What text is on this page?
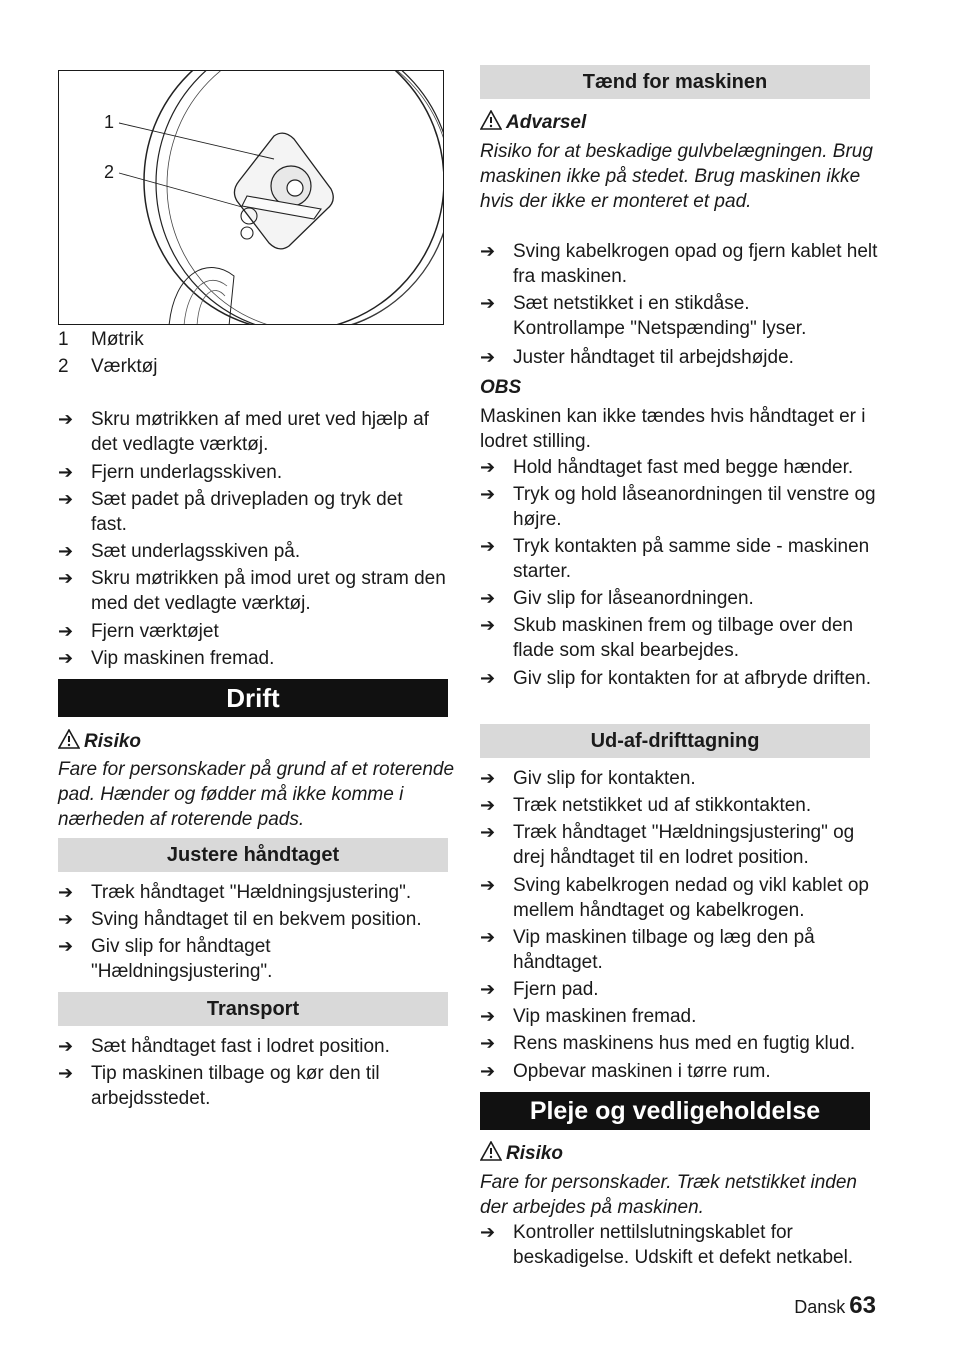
1
2
1 Møtrik
2 Værktøj
➔ Skru møtrikken af med uret ved hjælp af det vedlagte værktøj.
➔ Fjern underlagsskiven.
➔ Sæt padet på drivepladen og tryk det fast.
➔ Sæt underlagsskiven på.
➔ Skru møtrikken på imod uret og stram den med det vedlagte værktøj.
➔ Fjern værktøjet
➔ Vip maskinen fremad.
Drift
Risiko
Fare for personskader på grund af et roterende pad. Hænder og fødder må ikke komme i nærheden af roterende pads.
Justere håndtaget
➔ Træk håndtaget "Hældningsjustering".
➔ Sving håndtaget til en bekvem position.
➔ Giv slip for håndtaget "Hældningsjustering".
Transport
➔ Sæt håndtaget fast i lodret position.
➔ Tip maskinen tilbage og kør den til arbejdsstedet.
Tænd for maskinen
Advarsel
Risiko for at beskadige gulvbelægningen. Brug maskinen ikke på stedet. Brug maskinen ikke hvis der ikke er monteret et pad.
➔ Sving kabelkrogen opad og fjern kablet helt fra maskinen.
➔ Sæt netstikket i en stikdåse. Kontrollampe "Netspænding" lyser.
➔ Juster håndtaget til arbejdshøjde.
OBS
Maskinen kan ikke tændes hvis håndtaget er i lodret stilling.
➔ Hold håndtaget fast med begge hænder.
➔ Tryk og hold låseanordningen til venstre og højre.
➔ Tryk kontakten på samme side - maskinen starter.
➔ Giv slip for låseanordningen.
➔ Skub maskinen frem og tilbage over den flade som skal bearbejdes.
➔ Giv slip for kontakten for at afbryde driften.
Ud-af-drifttagning
➔ Giv slip for kontakten.
➔ Træk netstikket ud af stikkontakten.
➔ Træk håndtaget "Hældningsjustering" og drej håndtaget til en lodret position.
➔ Sving kabelkrogen nedad og vikl kablet op mellem håndtaget og kabelkrogen.
➔ Vip maskinen tilbage og læg den på håndtaget.
➔ Fjern pad.
➔ Vip maskinen fremad.
➔ Rens maskinens hus med en fugtig klud.
➔ Opbevar maskinen i tørre rum.
Pleje og vedligeholdelse
Risiko
Fare for personskader. Træk netstikket inden der arbejdes på maskinen.
➔ Kontroller nettilslutningskablet for beskadigelse. Udskift et defekt netkabel.
Dansk 63
